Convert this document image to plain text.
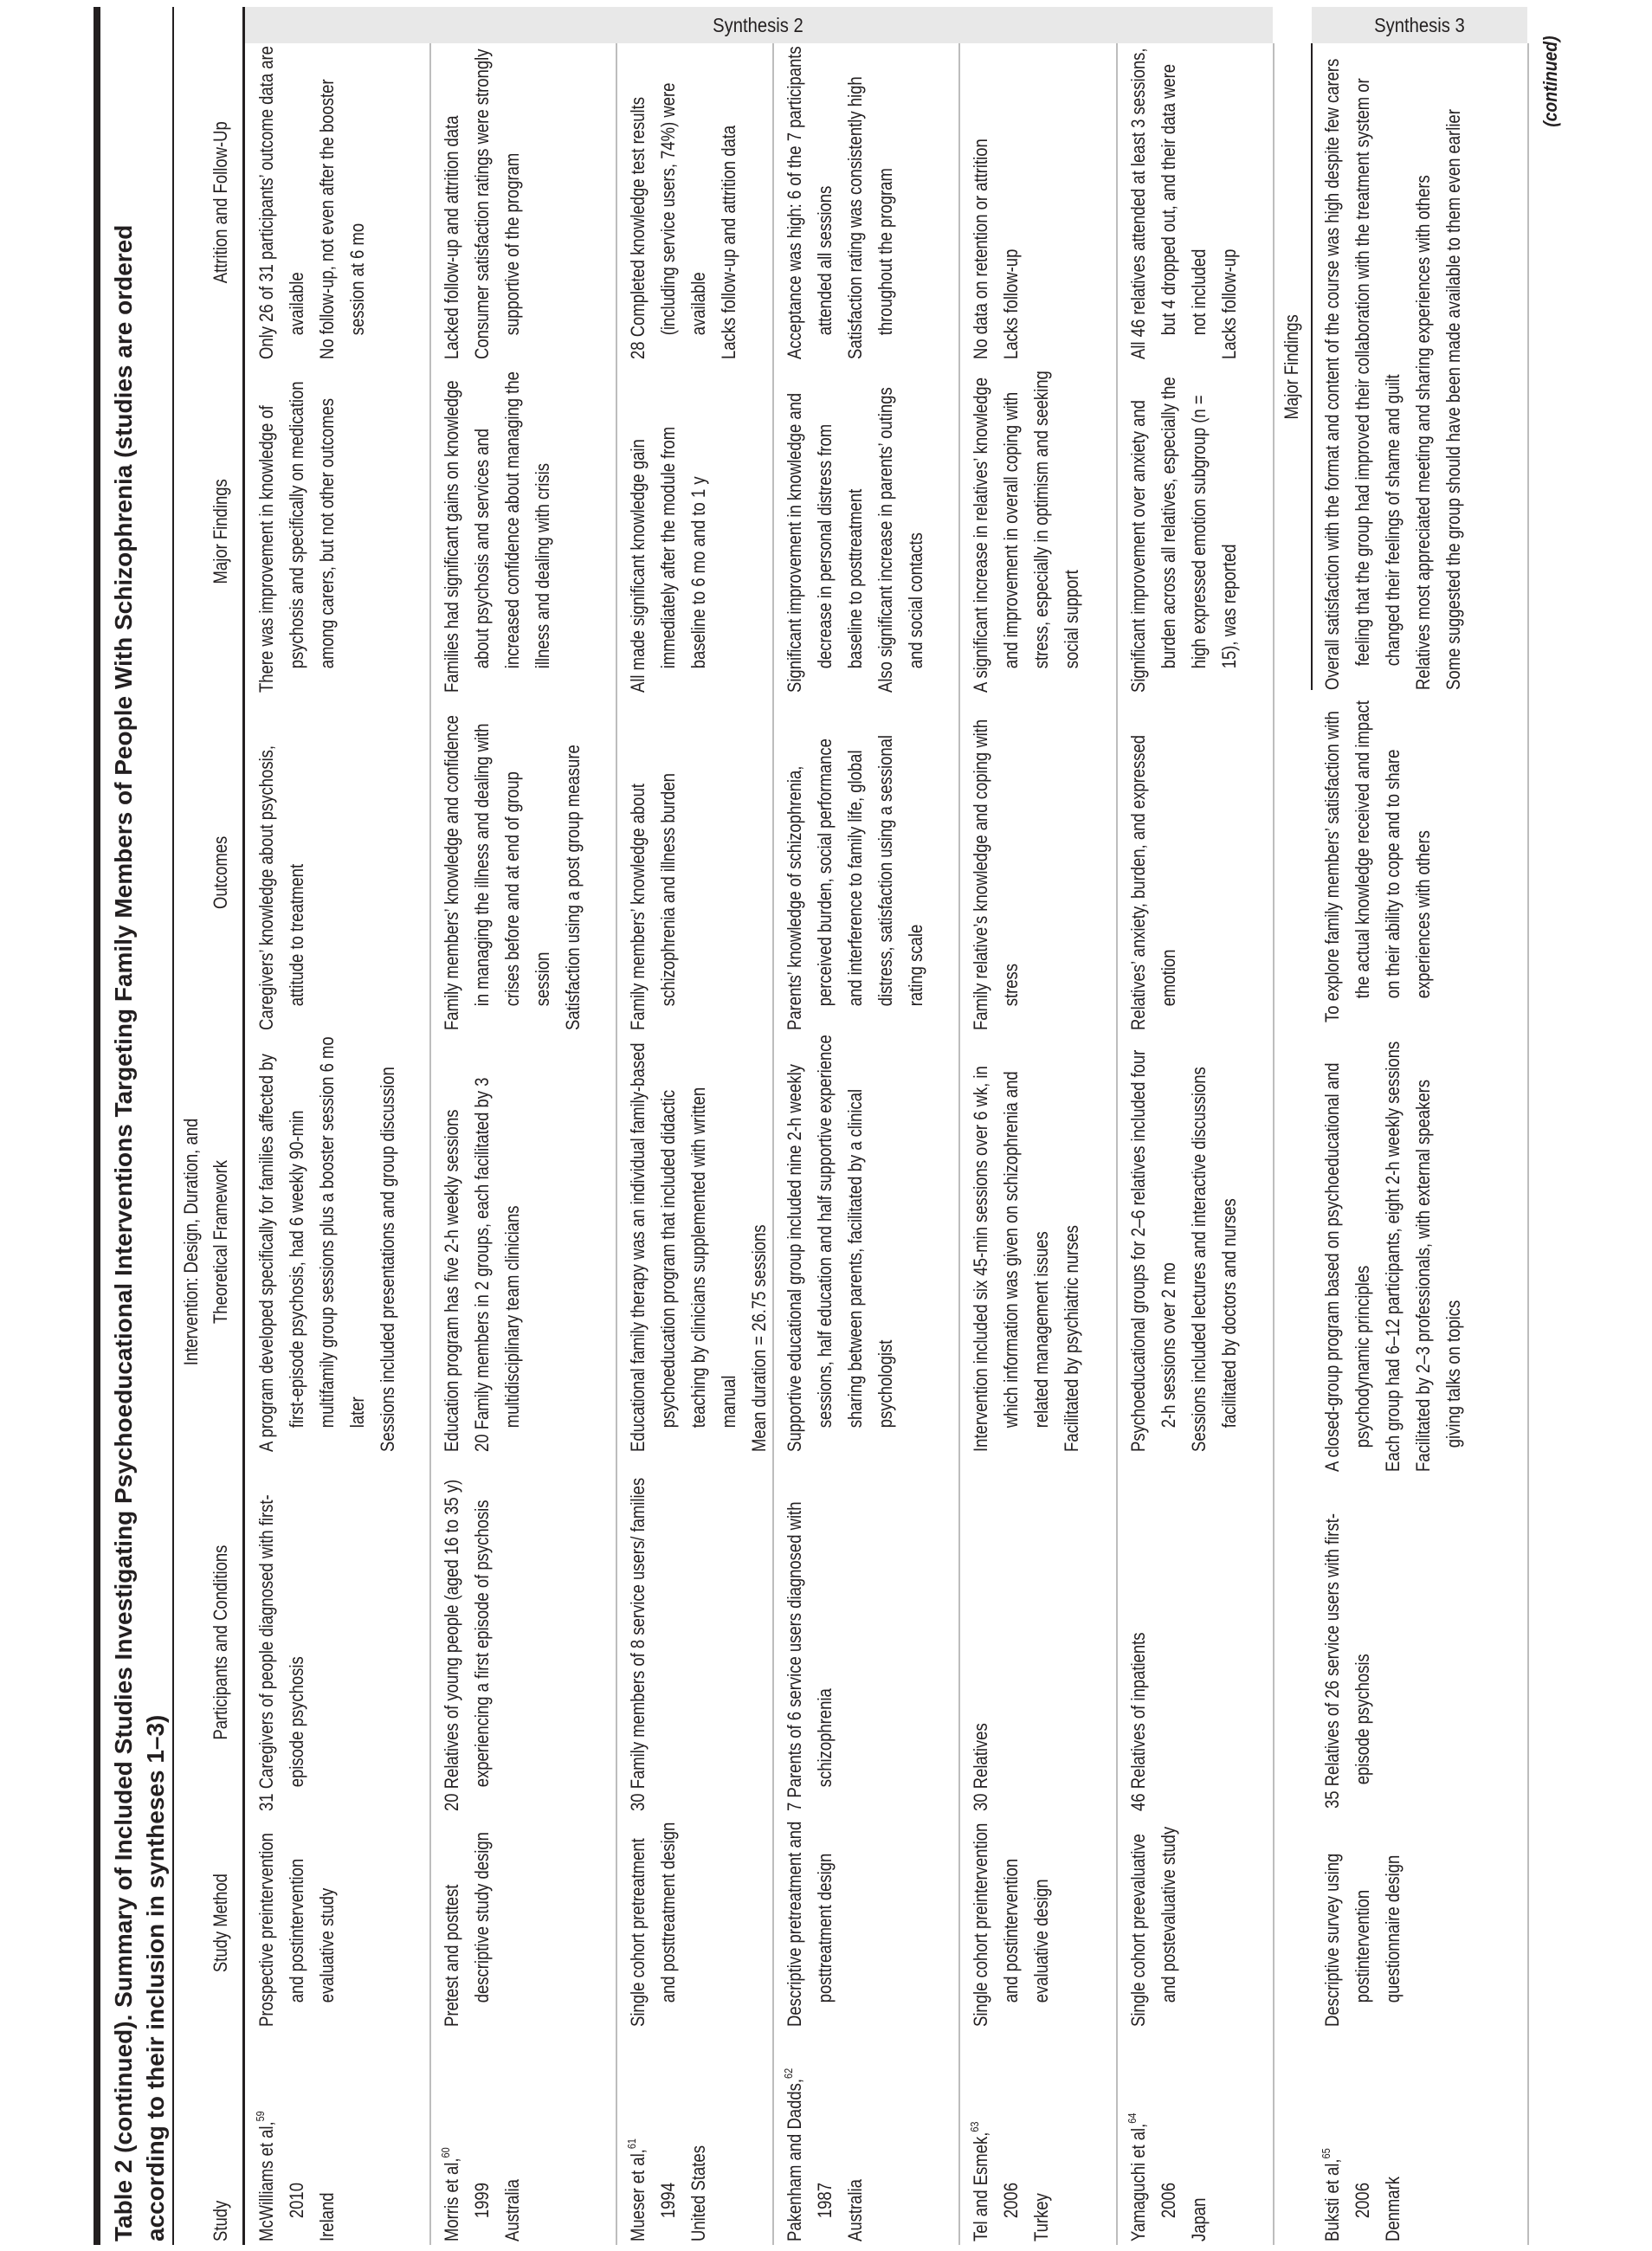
Synthesis 2	Synthesis 3
Table 2 (continued). Summary of Included Studies Investigating Psychoeducational Interventions Targeting Family Members of People With Schizophrenia (studies are ordered according to their inclusion in syntheses 1–3) Study
Study Method
Participants and Conditions
Intervention: Design, Duration, and Theoretical Framework
Outcomes
Major Findings
Attrition and Follow-Up
McWilliams et al,$^{59}$
2010 Ireland
Prospective preintervention and postintervention evaluative study
31 Caregivers of people diagnosed with first-episode psychosis
A program developed specifically for families affected by first-episode psychosis, had 6 weekly 90-min multifamily group sessions plus a booster session 6 mo later Sessions included presentations and group discussion
Caregivers’ knowledge about psychosis, attitude to treatment
There was improvement in knowledge of psychosis and specifically on medication among carers, but not other outcomes
Only 26 of 31 participants’ outcome data are available No follow-up, not even after the booster session at 6 mo
Morris et al,$^{60}$
1999 Australia
Pretest and posttest descriptive study design
20 Relatives of young people (aged 16 to 35 y) experiencing a first episode of psychosis
Education program has five 2-h weekly sessions 20 Family members in 2 groups, each facilitated by 3 multidisciplinary team clinicians
Family members’ knowledge and confidence in managing the illness and dealing with crises before and at end of group session Satisfaction using a post group measure
Families had significant gains on knowledge about psychosis and services and increased confidence about managing the illness and dealing with crisis
Lacked follow-up and attrition data Consumer satisfaction ratings were strongly supportive of the program
Mueser et al,$^{61}$
1994 United States
Single cohort pretreatment and posttreatment design
30 Family members of 8 service users/ families
Educational family therapy was an individual family-based psychoeducation program that included didactic teaching by clinicians supplemented with written manual Mean duration = 26.75 sessions
Family members’ knowledge about schizophrenia and illness burden
All made significant knowledge gain immediately after the module from baseline to 6 mo and to 1 y
28 Completed knowledge test results (including service users, 74%) were available Lacks follow-up and attrition data
Pakenham and Dadds,$^{62}$
1987 Australia
Descriptive pretreatment and posttreatment design
7 Parents of 6 service users diagnosed with schizophrenia
Supportive educational group included nine 2-h weekly sessions, half education and half supportive experience sharing between parents, facilitated by a clinical psychologist
Parents’ knowledge of schizophrenia, perceived burden, social performance and interference to family life, global distress, satisfaction using a sessional rating scale
Significant improvement in knowledge and decrease in personal distress from baseline to posttreatment Also significant increase in parents’ outings and social contacts
Acceptance was high: 6 of the 7 participants attended all sessions Satisfaction rating was consistently high throughout the program
Tel and Esmek,$^{63}$
2006 Turkey
Single cohort preintervention and postintervention evaluative design
30 Relatives
Intervention included six 45-min sessions over 6 wk, in which information was given on schizophrenia and related management issues Facilitated by psychiatric nurses
Family relative’s knowledge and coping with stress
A significant increase in relatives’ knowledge and improvement in overall coping with stress, especially in optimism and seeking social support
No data on retention or attrition Lacks follow-up
Yamaguchi et al,$^{64}$
2006 Japan
Single cohort preevaluative and postevaluative study
46 Relatives of inpatients
Psychoeducational groups for 2–6 relatives included four 2-h sessions over 2 mo Sessions included lectures and interactive discussions facilitated by doctors and nurses
Relatives’ anxiety, burden, and expressed emotion
Significant improvement over anxiety and burden across all relatives, especially the high expressed emotion subgroup (n = 15), was reported
All 46 relatives attended at least 3 sessions, but 4 dropped out, and their data were not included Lacks follow-up
Buksti et al,$^{65}$
2006 Denmark
Descriptive survey using postintervention questionnaire design
35 Relatives of 26 service users with first-episode psychosis
A closed-group program based on psychoeducational and psychodynamic principles Each group had 6–12 participants, eight 2-h weekly sessions Facilitated by 2–3 professionals, with external speakers giving talks on topics
To explore family members’ satisfaction with the actual knowledge received and impact on their ability to cope and to share experiences with others
Overall satisfaction with the format and content of the course was high despite few carers feeling that the group had improved their collaboration with the treatment system or changed their feelings of shame and guilt Relatives most appreciated meeting and sharing experiences with others Some suggested the group should have been made available to them even earlier
Major Findings
(continued)
